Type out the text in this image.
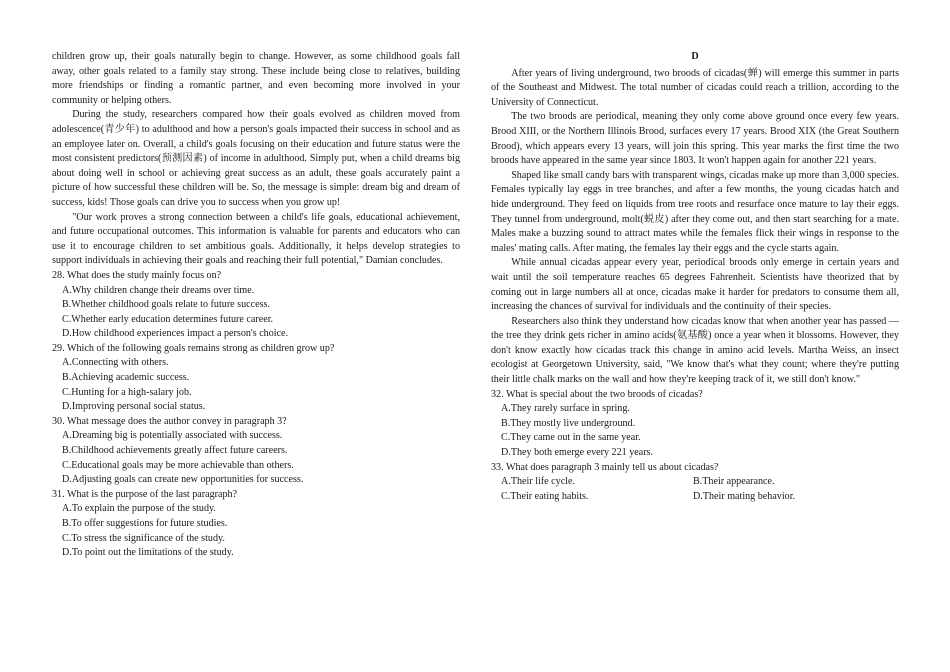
children grow up, their goals naturally begin to change. However, as some childhood goals fall away, other goals related to a family stay strong. These include being close to relatives, building more friendships or finding a romantic partner, and even becoming more involved in your community or helping others.

During the study, researchers compared how their goals evolved as children moved from adolescence(青少年) to adulthood and how a person's goals impacted their success in school and as an employee later on. Overall, a child's goals focusing on their education and future status were the most consistent predictors(预测因素) of income in adulthood. Simply put, when a child dreams big about doing well in school or achieving great success as an adult, these goals accurately paint a picture of how successful these children will be. So, the message is simple: dream big and dream of success, kids! Those goals can drive you to success when you grow up!

"Our work proves a strong connection between a child's life goals, educational achievement, and future occupational outcomes. This information is valuable for parents and educators who can use it to encourage children to set ambitious goals. Additionally, it helps develop strategies to support individuals in achieving their goals and reaching their full potential," Damian concludes.

28. What does the study mainly focus on?

A.Why children change their dreams over time.

B.Whether childhood goals relate to future success.

C.Whether early education determines future career.

D.How childhood experiences impact a person's choice.

29. Which of the following goals remains strong as children grow up?

A.Connecting with others.

B.Achieving academic success.

C.Hunting for a high-salary job.

D.Improving personal social status.

30. What message does the author convey in paragraph 3?

A.Dreaming big is potentially associated with success.

B.Childhood achievements greatly affect future careers.

C.Educational goals may be more achievable than others.

D.Adjusting goals can create new opportunities for success.

31. What is the purpose of the last paragraph?

A.To explain the purpose of the study.

B.To offer suggestions for future studies.

C.To stress the significance of the study.

D.To point out the limitations of the study.

D

After years of living underground, two broods of cicadas(蝉) will emerge this summer in parts of the Southeast and Midwest. The total number of cicadas could reach a trillion, according to the University of Connecticut.

The two broods are periodical, meaning they only come above ground once every few years. Brood XIII, or the Northern Illinois Brood, surfaces every 17 years. Brood XIX (the Great Southern Brood), which appears every 13 years, will join this spring. This year marks the first time the two broods have appeared in the same year since 1803. It won't happen again for another 221 years.

Shaped like small candy bars with transparent wings, cicadas make up more than 3,000 species. Females typically lay eggs in tree branches, and after a few months, the young cicadas hatch and hide underground. They feed on liquids from tree roots and resurface once mature to lay their eggs. They tunnel from underground, molt(蜕皮) after they come out, and then start searching for a mate. Males make a buzzing sound to attract mates while the females flick their wings in response to the males' mating calls. After mating, the females lay their eggs and the cycle starts again.

While annual cicadas appear every year, periodical broods only emerge in certain years and wait until the soil temperature reaches 65 degrees Fahrenheit. Scientists have theorized that by coming out in large numbers all at once, cicadas make it harder for predators to consume them all, increasing the chances of survival for individuals and the continuity of their species.

Researchers also think they understand how cicadas know that when another year has passed — the tree they drink gets richer in amino acids(氨基酸) once a year when it blossoms. However, they don't know exactly how cicadas track this change in amino acid levels. Martha Weiss, an insect ecologist at Georgetown University, said, "We know that's what they count; where they're putting their little chalk marks on the wall and how they're keeping track of it, we still don't know."

32. What is special about the two broods of cicadas?

A.They rarely surface in spring.

B.They mostly live underground.

C.They came out in the same year.

D.They both emerge every 221 years.

33. What does paragraph 3 mainly tell us about cicadas?

A.Their life cycle.	B.Their appearance.
C.Their eating habits.	D.Their mating behavior.
